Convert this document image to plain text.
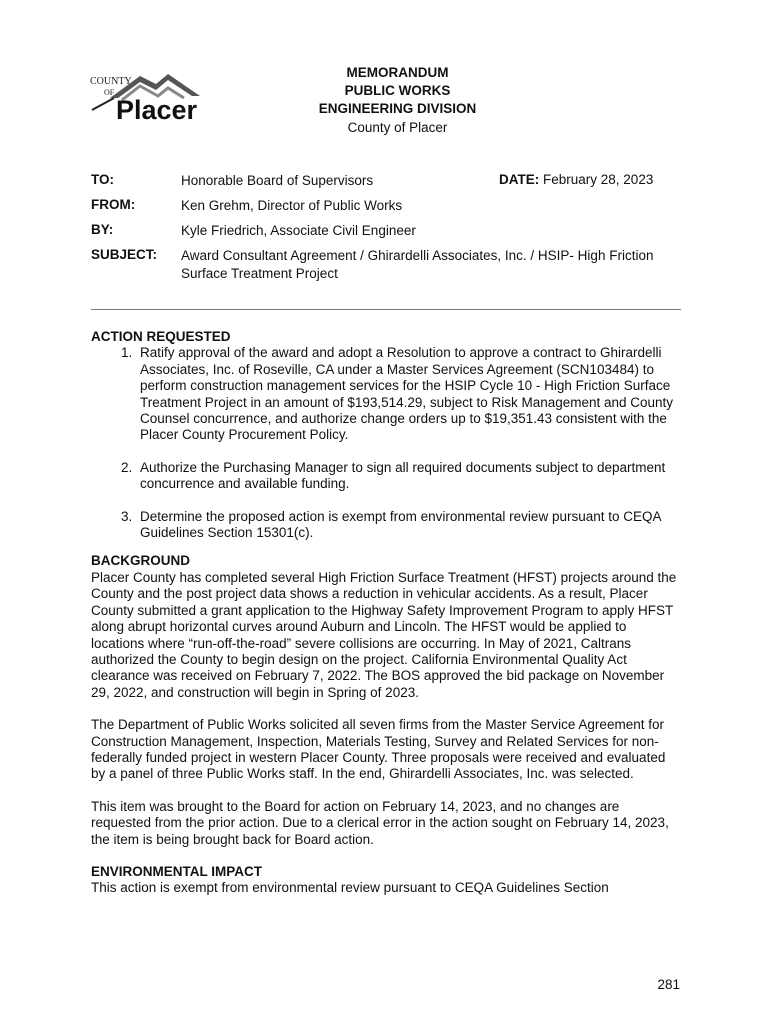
COUNTY
OF
Placer
MEMORANDUM
PUBLIC WORKS
ENGINEERING DIVISION
County of Placer
TO:	Honorable Board of Supervisors	DATE: February 28, 2023
FROM:	Ken Grehm, Director of Public Works
BY:	Kyle Friedrich, Associate Civil Engineer
SUBJECT: Award Consultant Agreement / Ghirardelli Associates, Inc. / HSIP- High Friction Surface Treatment Project
ACTION REQUESTED
1. Ratify approval of the award and adopt a Resolution to approve a contract to Ghirardelli Associates, Inc. of Roseville, CA under a Master Services Agreement (SCN103484) to perform construction management services for the HSIP Cycle 10 - High Friction Surface Treatment Project in an amount of $193,514.29, subject to Risk Management and County Counsel concurrence, and authorize change orders up to $19,351.43 consistent with the Placer County Procurement Policy.
2. Authorize the Purchasing Manager to sign all required documents subject to department concurrence and available funding.
3. Determine the proposed action is exempt from environmental review pursuant to CEQA Guidelines Section 15301(c).
BACKGROUND

Placer County has completed several High Friction Surface Treatment (HFST) projects around the County and the post project data shows a reduction in vehicular accidents. As a result, Placer County submitted a grant application to the Highway Safety Improvement Program to apply HFST along abrupt horizontal curves around Auburn and Lincoln. The HFST would be applied to locations where “run-off-the-road” severe collisions are occurring. In May of 2021, Caltrans authorized the County to begin design on the project. California Environmental Quality Act clearance was received on February 7, 2022. The BOS approved the bid package on November 29, 2022, and construction will begin in Spring of 2023.

The Department of Public Works solicited all seven firms from the Master Service Agreement for Construction Management, Inspection, Materials Testing, Survey and Related Services for non-federally funded project in western Placer County. Three proposals were received and evaluated by a panel of three Public Works staff. In the end, Ghirardelli Associates, Inc. was selected.

This item was brought to the Board for action on February 14, 2023, and no changes are requested from the prior action. Due to a clerical error in the action sought on February 14, 2023, the item is being brought back for Board action.

ENVIRONMENTAL IMPACT

This action is exempt from environmental review pursuant to CEQA Guidelines Section

281
